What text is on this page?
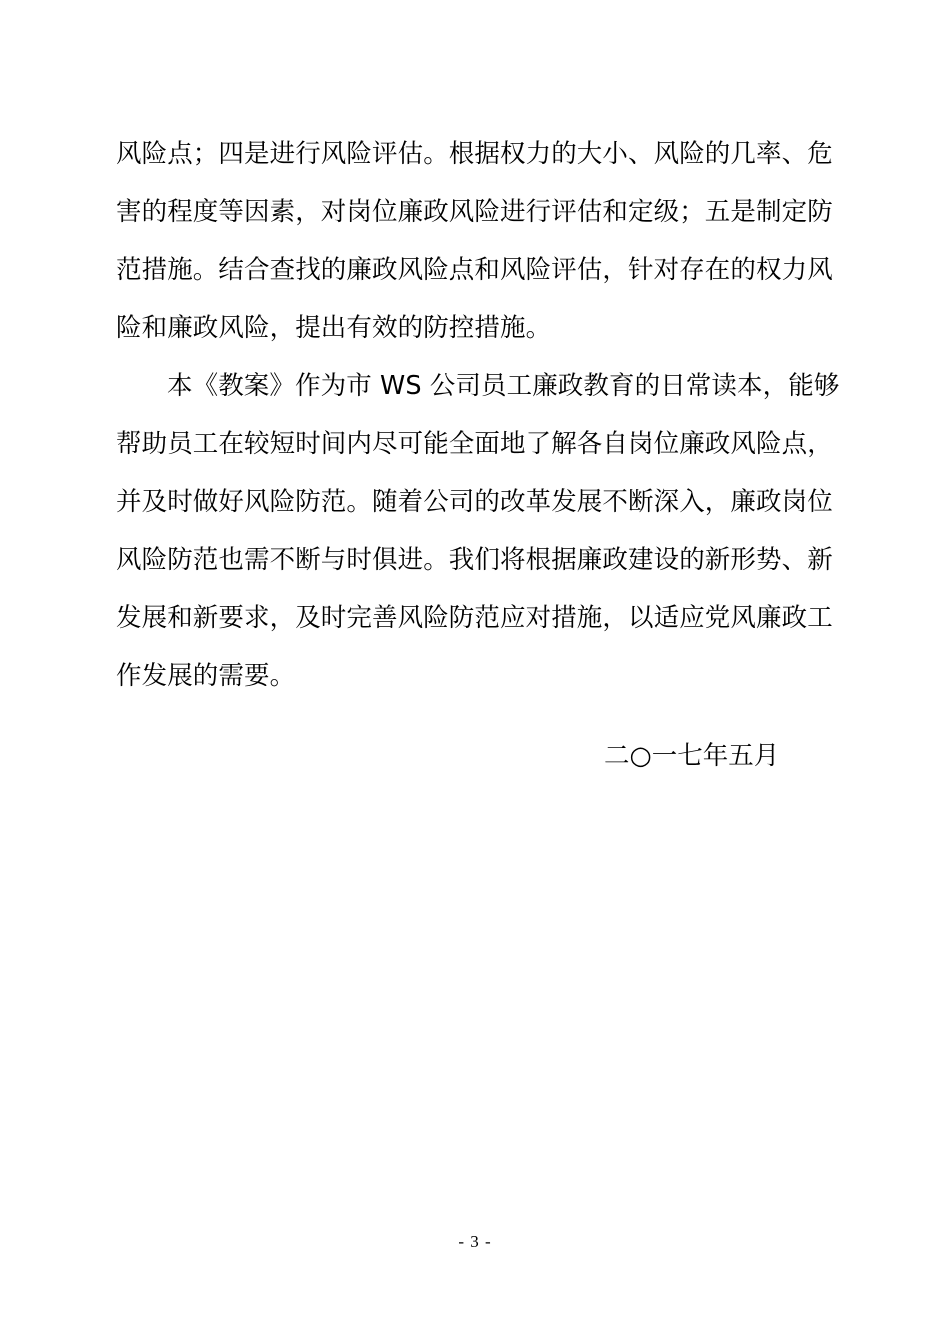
风险点；四是进行风险评估。根据权力的大小、风险的几率、危
害的程度等因素，对岗位廉政风险进行评估和定级；五是制定防
范措施。结合查找的廉政风险点和风险评估，针对存在的权力风
险和廉政风险，提出有效的防控措施。
本《教案》作为市 WS 公司员工廉政教育的日常读本，能够
帮助员工在较短时间内尽可能全面地了解各自岗位廉政风险点，
并及时做好风险防范。随着公司的改革发展不断深入，廉政岗位
风险防范也需不断与时俱进。我们将根据廉政建设的新形势、新
发展和新要求，及时完善风险防范应对措施，以适应党风廉政工
作发展的需要。
二○一七年五月
- 3 -
